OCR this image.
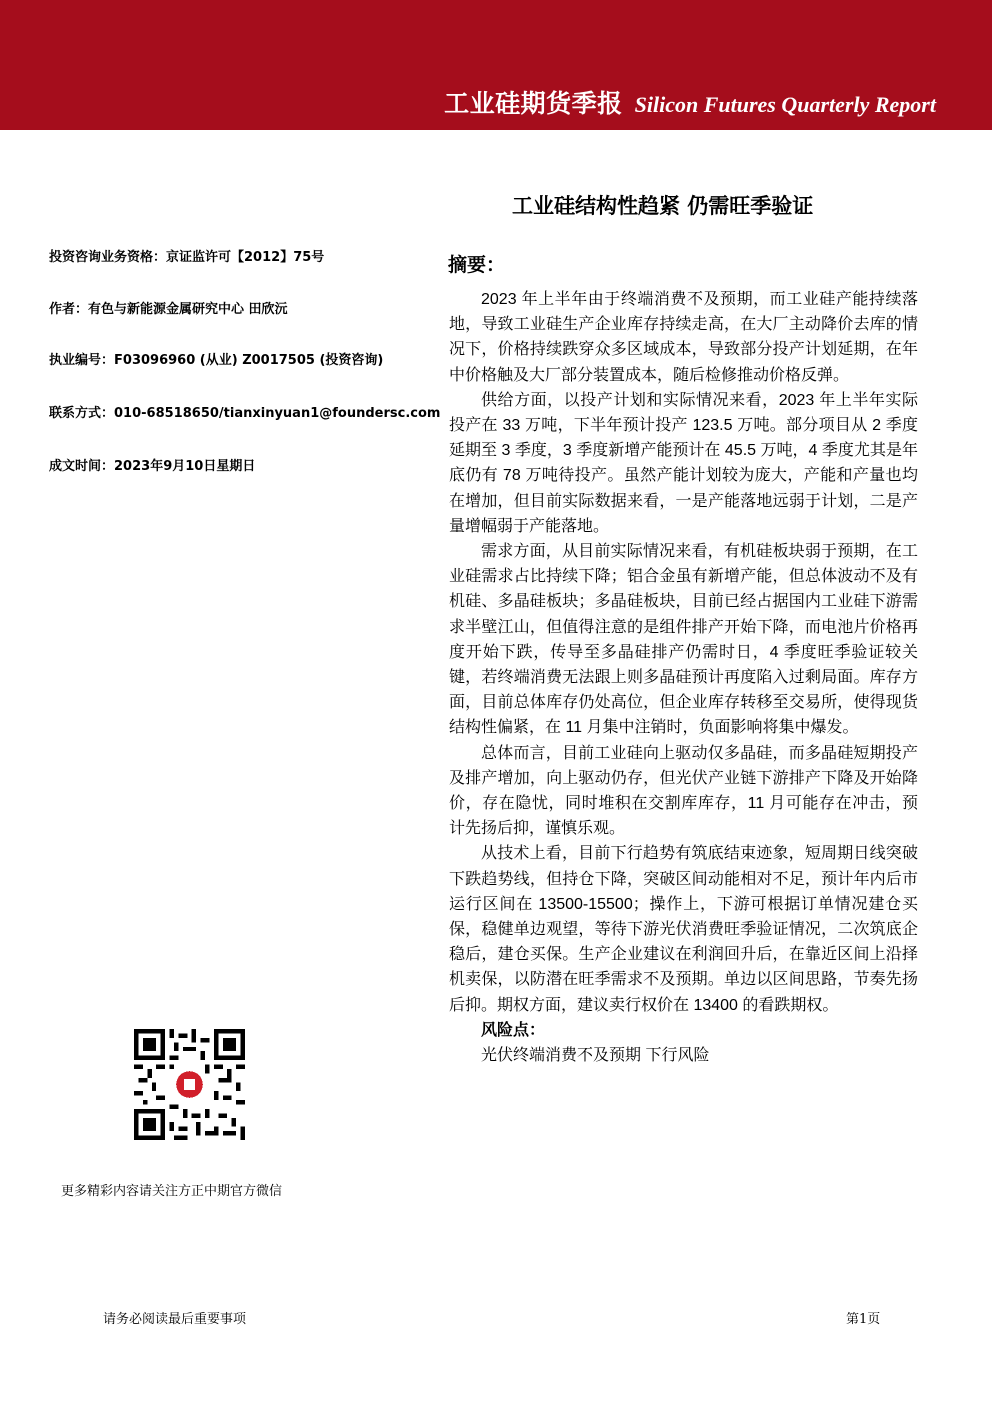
工业硅期货季报 Silicon Futures Quarterly Report
工业硅结构性趋紧 仍需旺季验证
投资咨询业务资格：京证监许可【2012】75号
作者：有色与新能源金属研究中心 田欣沅
执业编号：F03096960 (从业) Z0017505 (投资咨询)
联系方式：010-68518650/tianxinyuan1@foundersc.com
成文时间：2023年9月10日星期日
摘要：

2023 年上半年由于终端消费不及预期，而工业硅产能持续落地，导致工业硅生产企业库存持续走高，在大厂主动降价去库的情况下，价格持续跌穿众多区域成本，导致部分投产计划延期，在年中价格触及大厂部分装置成本，随后检修推动价格反弹。

供给方面，以投产计划和实际情况来看，2023 年上半年实际投产在 33 万吨，下半年预计投产 123.5 万吨。部分项目从 2 季度延期至 3 季度，3 季度新增产能预计在 45.5 万吨，4 季度尤其是年底仍有 78 万吨待投产。虽然产能计划较为庞大，产能和产量也均在增加，但目前实际数据来看，一是产能落地远弱于计划，二是产量增幅弱于产能落地。

需求方面，从目前实际情况来看，有机硅板块弱于预期，在工业硅需求占比持续下降；铝合金虽有新增产能，但总体波动不及有机硅、多晶硅板块；多晶硅板块，目前已经占据国内工业硅下游需求半壁江山，但值得注意的是组件排产开始下降，而电池片价格再度开始下跌，传导至多晶硅排产仍需时日，4 季度旺季验证较关键，若终端消费无法跟上则多晶硅预计再度陷入过剩局面。库存方面，目前总体库存仍处高位，但企业库存转移至交易所，使得现货结构性偏紧，在 11 月集中注销时，负面影响将集中爆发。

总体而言，目前工业硅向上驱动仅多晶硅，而多晶硅短期投产及排产增加，向上驱动仍存，但光伏产业链下游排产下降及开始降价，存在隐忧，同时堆积在交割库库存，11 月可能存在冲击，预计先扬后抑，谨慎乐观。

从技术上看，目前下行趋势有筑底结束迹象，短周期日线突破下跌趋势线，但持仓下降，突破区间动能相对不足，预计年内后市运行区间在 13500-15500；操作上，下游可根据订单情况建仓买保，稳健单边观望，等待下游光伏消费旺季验证情况，二次筑底企稳后，建仓买保。生产企业建议在利润回升后，在靠近区间上沿择机卖保，以防潜在旺季需求不及预期。单边以区间思路，节奏先扬后抑。期权方面，建议卖行权价在 13400 的看跌期权。

风险点：
光伏终端消费不及预期 下行风险
更多精彩内容请关注方正中期官方微信
请务必阅读最后重要事项	第1页
